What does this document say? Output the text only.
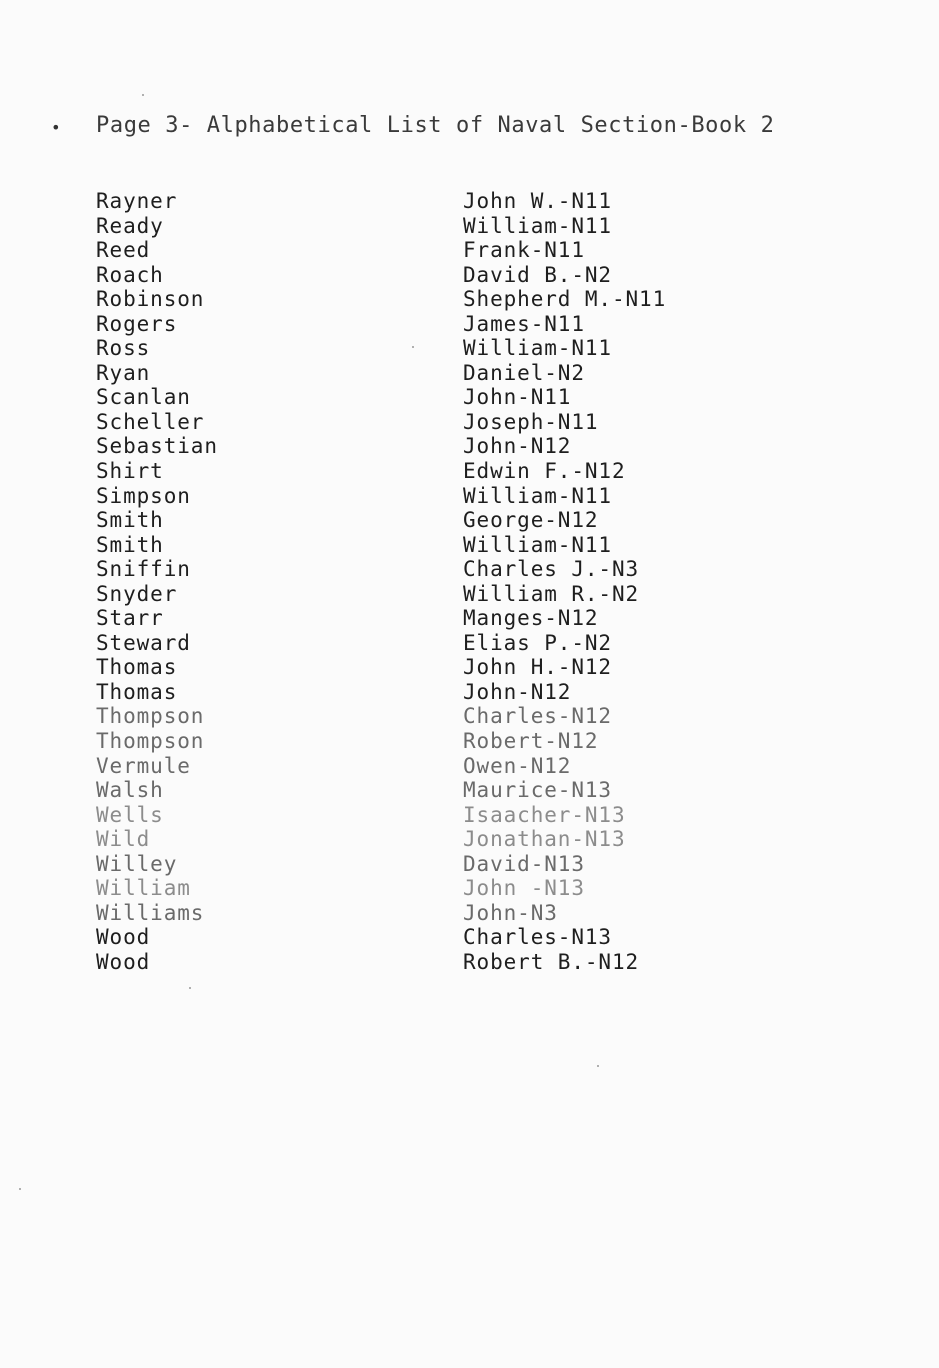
• Page 3- Alphabetical List of Naval Section-Book 2
Rayner	John W.-N11
Ready	William-N11
Reed	Frank-N11
Roach	David B.-N2
Robinson	Shepherd M.-N11
Rogers	James-N11
Ross	William-N11
Ryan	Daniel-N2
Scanlan	John-N11
Scheller	Joseph-N11
Sebastian	John-N12
Shirt	Edwin F.-N12
Simpson	William-N11
Smith	George-N12
Smith	William-N11
Sniffin	Charles J.-N3
Snyder	William R.-N2
Starr	Manges-N12
Steward	Elias P.-N2
Thomas	John H.-N12
Thomas	John-N12
Thompson	Charles-N12
Thompson	Robert-N12
Vermule	Owen-N12
Walsh	Maurice-N13
Wells	Isaacher-N13
Wild	Jonathan-N13
Willey	David-N13
William	John -N13
Williams	John-N3
Wood	Charles-N13
Wood	Robert B.-N12
